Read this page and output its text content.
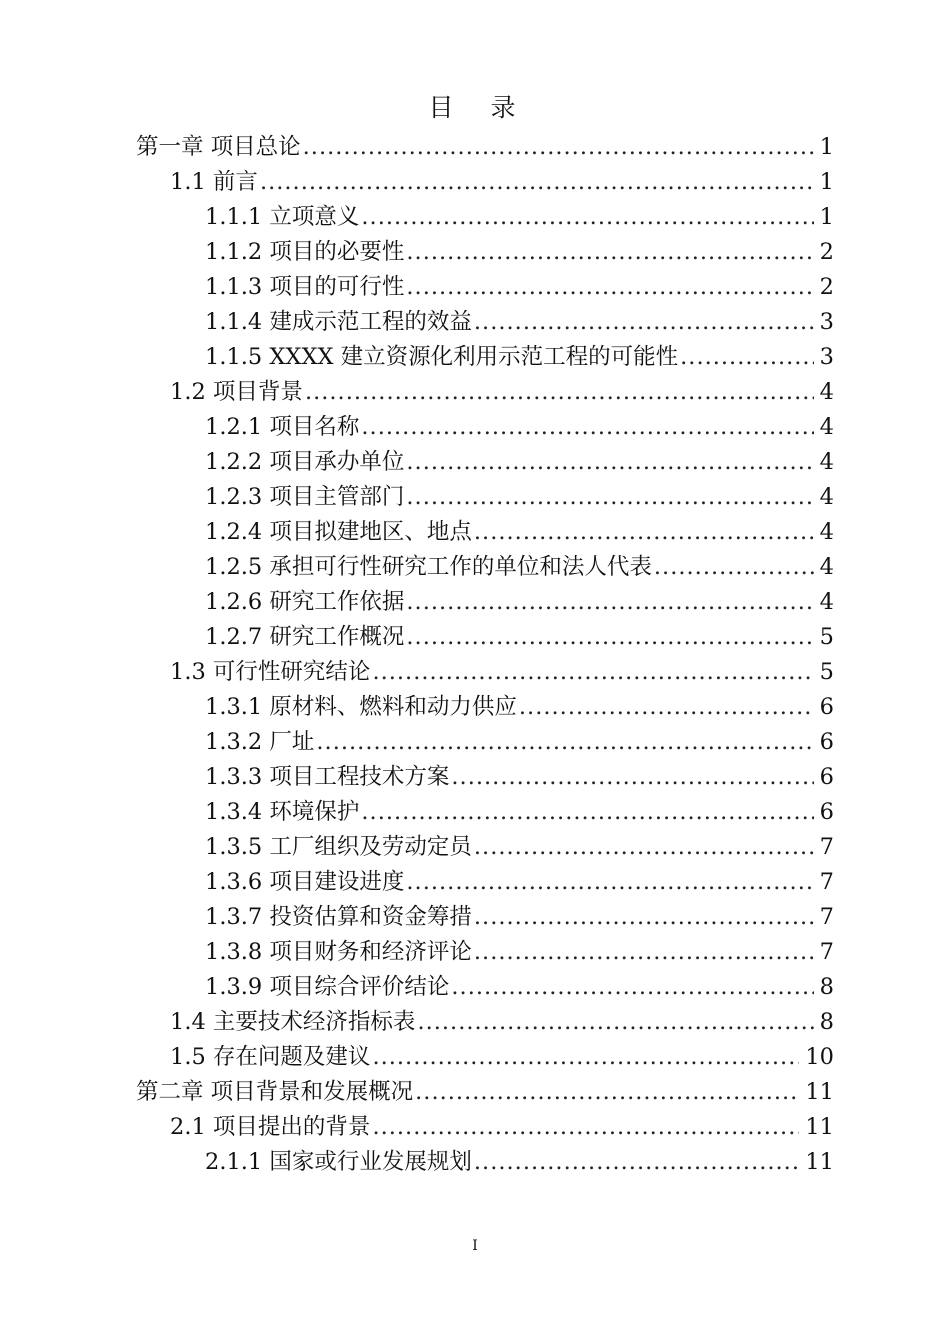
目　录
第一章 项目总论 .....	1
1.1 前言 .....	1
1.1.1 立项意义 .....	1
1.1.2 项目的必要性 .....	2
1.1.3 项目的可行性 .....	2
1.1.4 建成示范工程的效益 .....	3
1.1.5 XXXX 建立资源化利用示范工程的可能性 .....	3
1.2 项目背景 .....	4
1.2.1 项目名称 .....	4
1.2.2 项目承办单位 .....	4
1.2.3 项目主管部门 .....	4
1.2.4 项目拟建地区、地点 .....	4
1.2.5 承担可行性研究工作的单位和法人代表 .....	4
1.2.6 研究工作依据 .....	4
1.2.7 研究工作概况 .....	5
1.3 可行性研究结论 .....	5
1.3.1 原材料、燃料和动力供应 .....	6
1.3.2 厂址 .....	6
1.3.3 项目工程技术方案 .....	6
1.3.4 环境保护 .....	6
1.3.5 工厂组织及劳动定员 .....	7
1.3.6 项目建设进度 .....	7
1.3.7 投资估算和资金筹措 .....	7
1.3.8 项目财务和经济评论 .....	7
1.3.9 项目综合评价结论 .....	8
1.4 主要技术经济指标表 .....	8
1.5 存在问题及建议 .....	10
第二章 项目背景和发展概况 .....	11
2.1 项目提出的背景 .....	11
2.1.1 国家或行业发展规划 .....	11
I
